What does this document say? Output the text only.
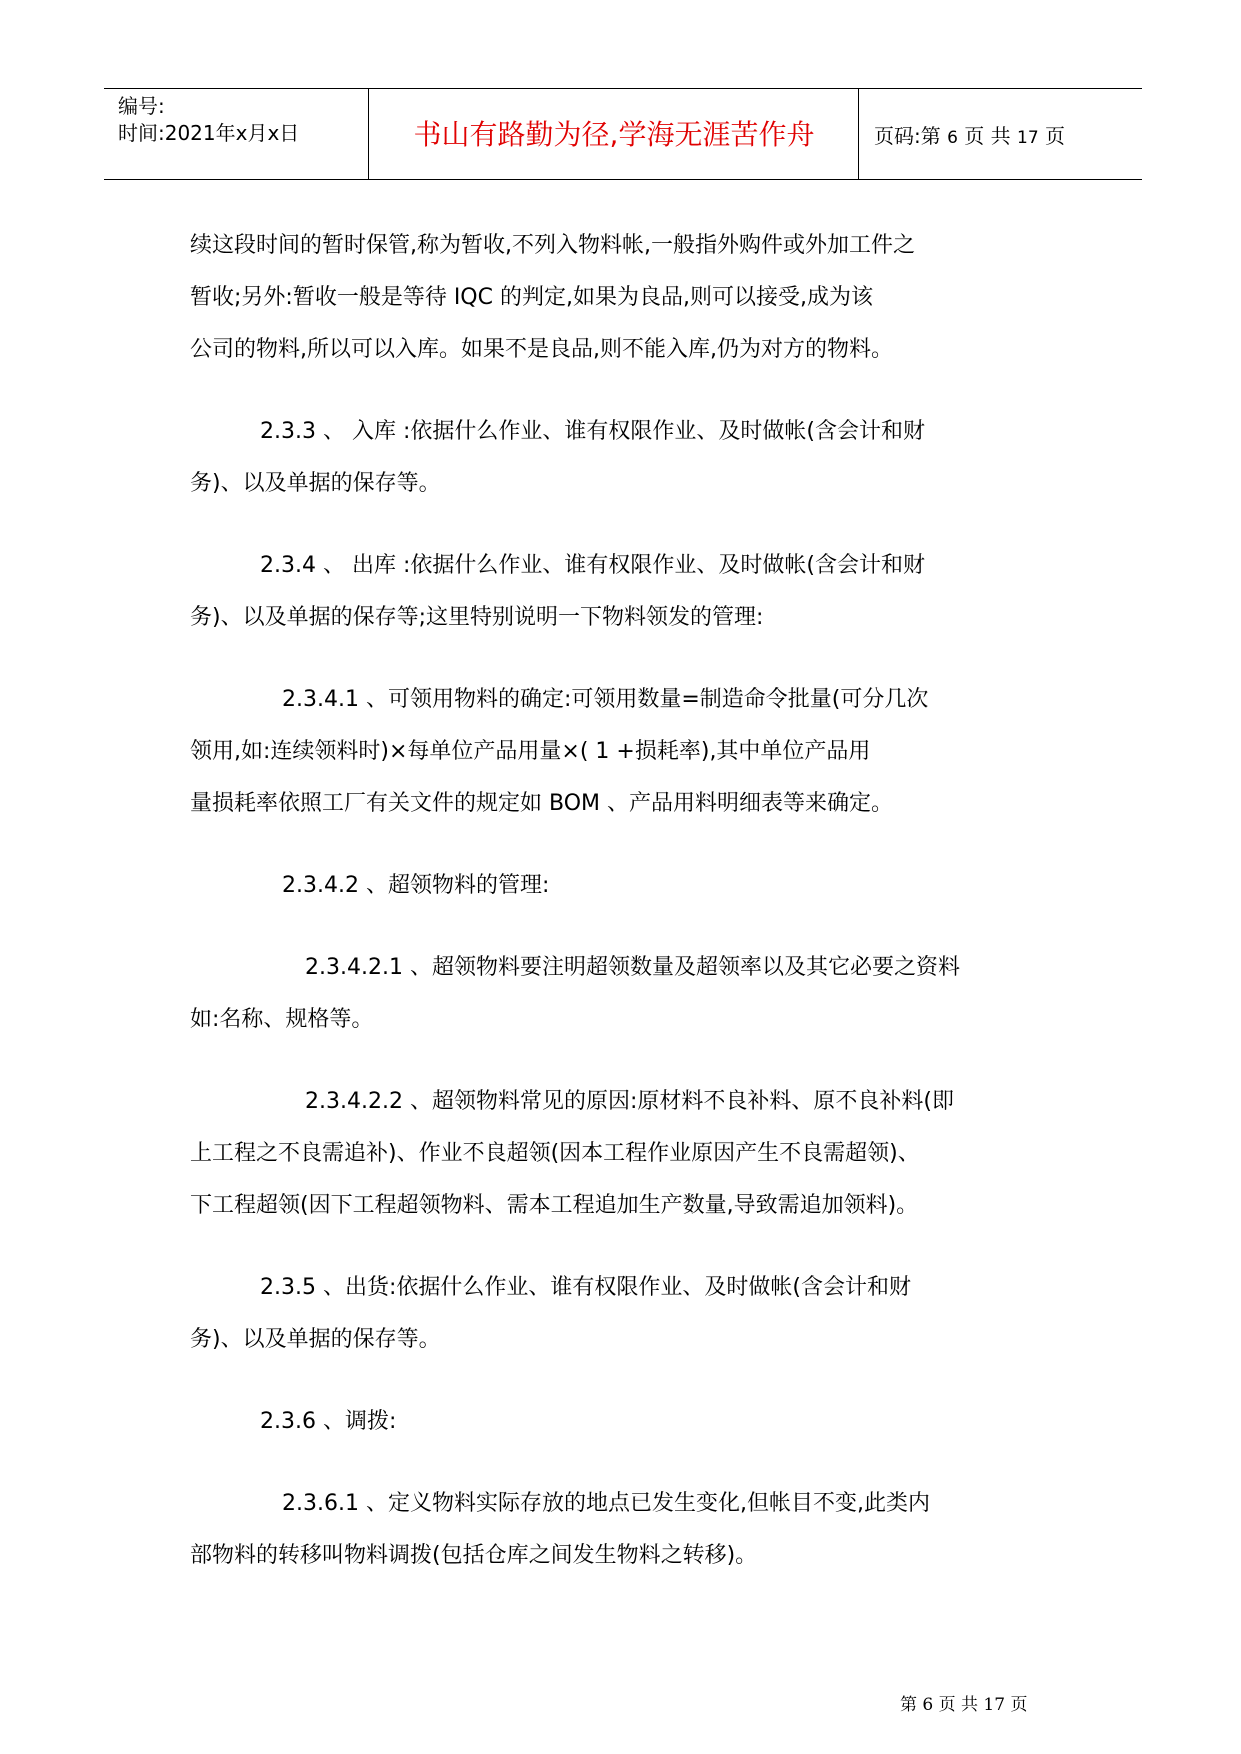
编号:
时间:2021年x月x日	书山有路勤为径,学海无涯苦作舟	页码:第 6 页 共 17 页
续这段时间的暂时保管,称为暂收,不列入物料帐,一般指外购件或外加工件之
暂收;另外:暂收一般是等待 IQC 的判定,如果为良品,则可以接受,成为该
公司的物料,所以可以入库。如果不是良品,则不能入库,仍为对方的物料。
2.3.3 、 入库 :依据什么作业、谁有权限作业、及时做帐(含会计和财
务)、以及单据的保存等。
2.3.4 、 出库 :依据什么作业、谁有权限作业、及时做帐(含会计和财
务)、以及单据的保存等;这里特别说明一下物料领发的管理:
2.3.4.1 、可领用物料的确定:可领用数量=制造命令批量(可分几次
领用,如:连续领料时)×每单位产品用量×( 1 +损耗率),其中单位产品用
量损耗率依照工厂有关文件的规定如 BOM 、产品用料明细表等来确定。
2.3.4.2 、超领物料的管理:
2.3.4.2.1 、超领物料要注明超领数量及超领率以及其它必要之资料
如:名称、规格等。
2.3.4.2.2 、超领物料常见的原因:原材料不良补料、原不良补料(即
上工程之不良需追补)、作业不良超领(因本工程作业原因产生不良需超领)、
下工程超领(因下工程超领物料、需本工程追加生产数量,导致需追加领料)。
2.3.5 、出货:依据什么作业、谁有权限作业、及时做帐(含会计和财
务)、以及单据的保存等。
2.3.6 、调拨:
2.3.6.1 、定义物料实际存放的地点已发生变化,但帐目不变,此类内
部物料的转移叫物料调拨(包括仓库之间发生物料之转移)。
第 6 页 共 17 页
